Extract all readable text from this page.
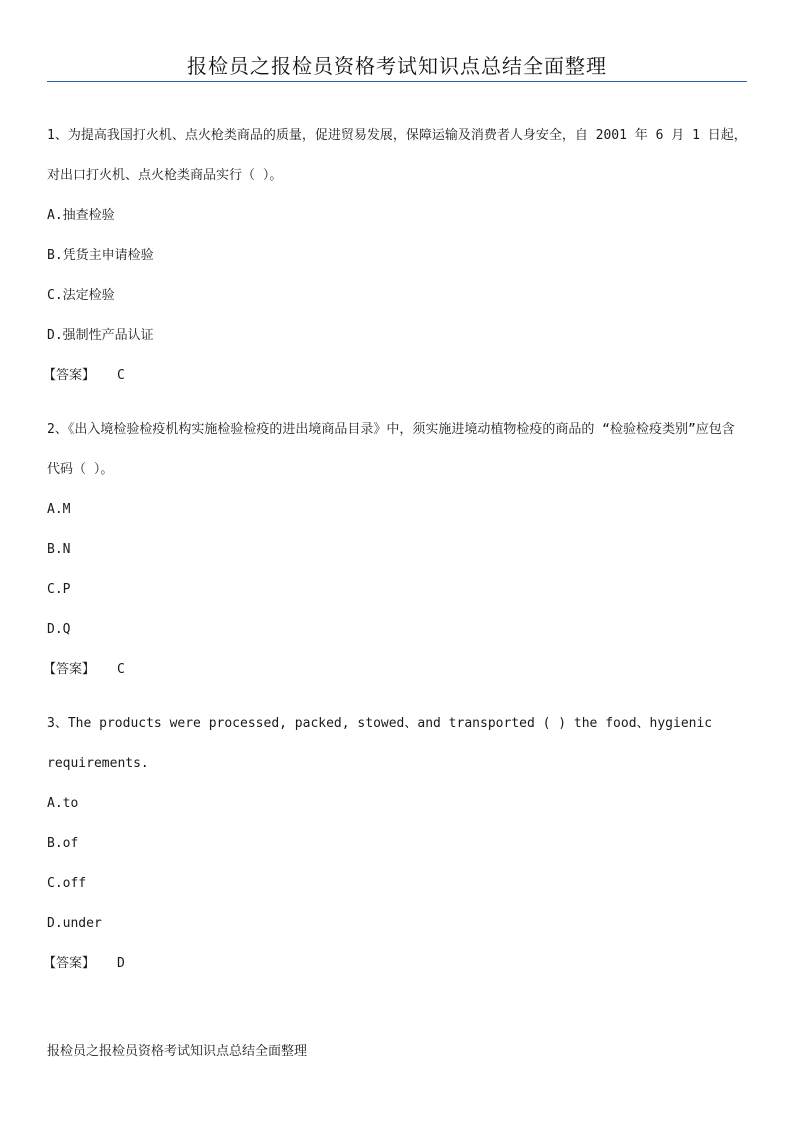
报检员之报检员资格考试知识点总结全面整理

1、为提高我国打火机、点火枪类商品的质量，促进贸易发展，保障运输及消费者人身安全，自 2001 年 6 月 1 日起，对出口打火机、点火枪类商品实行（ ）。

A.抽查检验

B.凭货主申请检验

C.法定检验

D.强制性产品认证

【答案】 C

2、《出入境检验检疫机构实施检验检疫的进出境商品目录》中，须实施进境动植物检疫的商品的 “检验检疫类别”应包含代码（ ）。

A.M

B.N

C.P

D.Q

【答案】 C

3、The products were processed, packed, stowed、and transported ( ) the food、hygienic requirements.

A.to

B.of

C.off

D.under

【答案】 D

报检员之报检员资格考试知识点总结全面整理
